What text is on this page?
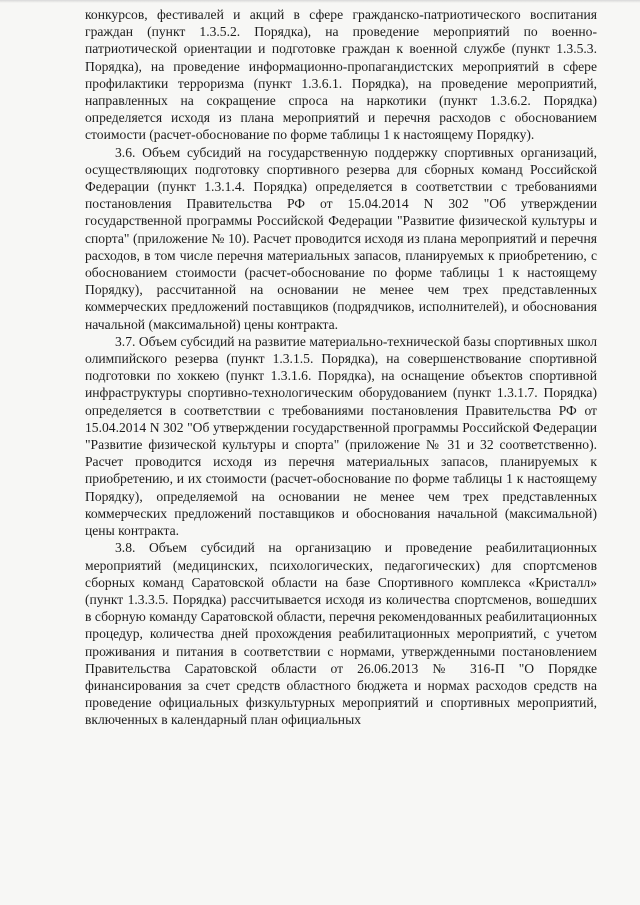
конкурсов, фестивалей и акций в сфере гражданско-патриотического воспитания граждан (пункт 1.3.5.2. Порядка), на проведение мероприятий по военно-патриотической ориентации и подготовке граждан к военной службе (пункт 1.3.5.3. Порядка), на проведение информационно-пропагандистских мероприятий в сфере профилактики терроризма (пункт 1.3.6.1. Порядка), на проведение мероприятий, направленных на сокращение спроса на наркотики (пункт 1.3.6.2. Порядка) определяется исходя из плана мероприятий и перечня расходов с обоснованием стоимости (расчет-обоснование по форме таблицы 1 к настоящему Порядку).

3.6. Объем субсидий на государственную поддержку спортивных организаций, осуществляющих подготовку спортивного резерва для сборных команд Российской Федерации (пункт 1.3.1.4. Порядка) определяется в соответствии с требованиями постановления Правительства РФ от 15.04.2014 N 302 "Об утверждении государственной программы Российской Федерации "Развитие физической культуры и спорта" (приложение № 10). Расчет проводится исходя из плана мероприятий и перечня расходов, в том числе перечня материальных запасов, планируемых к приобретению, с обоснованием стоимости (расчет-обоснование по форме таблицы 1 к настоящему Порядку), рассчитанной на основании не менее чем трех представленных коммерческих предложений поставщиков (подрядчиков, исполнителей), и обоснования начальной (максимальной) цены контракта.

3.7. Объем субсидий на развитие материально-технической базы спортивных школ олимпийского резерва (пункт 1.3.1.5. Порядка), на совершенствование спортивной подготовки по хоккею (пункт 1.3.1.6. Порядка), на оснащение объектов спортивной инфраструктуры спортивно-технологическим оборудованием (пункт 1.3.1.7. Порядка) определяется в соответствии с требованиями постановления Правительства РФ от 15.04.2014 N 302 "Об утверждении государственной программы Российской Федерации "Развитие физической культуры и спорта" (приложение № 31 и 32 соответственно). Расчет проводится исходя из перечня материальных запасов, планируемых к приобретению, и их стоимости (расчет-обоснование по форме таблицы 1 к настоящему Порядку), определяемой на основании не менее чем трех представленных коммерческих предложений поставщиков и обоснования начальной (максимальной) цены контракта.

3.8. Объем субсидий на организацию и проведение реабилитационных мероприятий (медицинских, психологических, педагогических) для спортсменов сборных команд Саратовской области на базе Спортивного комплекса «Кристалл» (пункт 1.3.3.5. Порядка) рассчитывается исходя из количества спортсменов, вошедших в сборную команду Саратовской области, перечня рекомендованных реабилитационных процедур, количества дней прохождения реабилитационных мероприятий, с учетом проживания и питания в соответствии с нормами, утвержденными постановлением Правительства Саратовской области от 26.06.2013 № 316-П "О Порядке финансирования за счет средств областного бюджета и нормах расходов средств на проведение официальных физкультурных мероприятий и спортивных мероприятий, включенных в календарный план официальных
